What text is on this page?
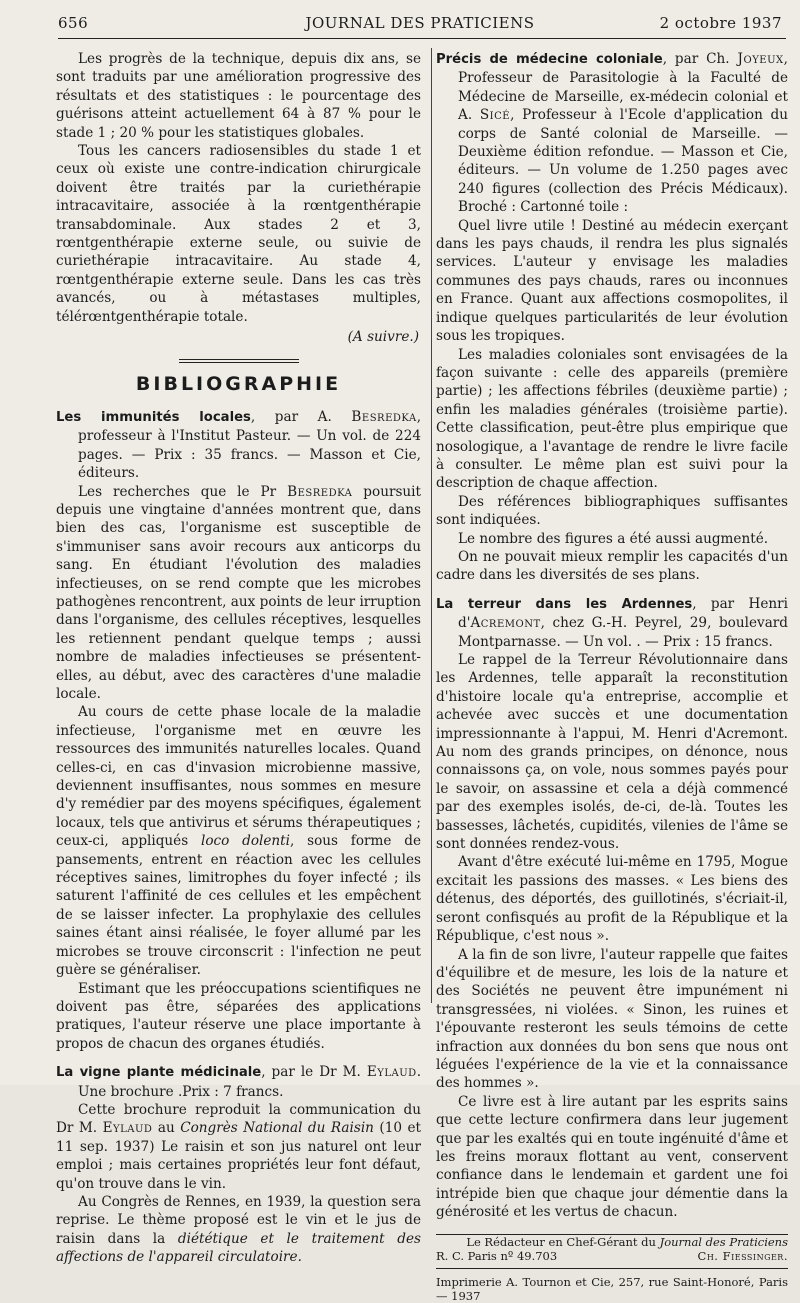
656	JOURNAL DES PRATICIENS	2 octobre 1937

Les progrès de la technique, depuis dix ans, se sont traduits par une amélioration progressive des résultats et des statistiques : le pourcentage des guérisons atteint actuellement 64 à 87 % pour le stade 1 ; 20 % pour les statistiques globales.

Tous les cancers radiosensibles du stade 1 et ceux où existe une contre-indication chirurgicale doivent être traités par la curiethérapie intracavitaire, associée à la rœntgenthérapie transabdominale. Aux stades 2 et 3, rœntgenthérapie externe seule, ou suivie de curiethérapie intracavitaire. Au stade 4, rœntgenthérapie externe seule. Dans les cas très avancés, ou à métastases multiples, télérœntgenthérapie totale.

(A suivre.)

BIBLIOGRAPHIE

Les immunités locales, par A. Besredka, professeur à l'Institut Pasteur. — Un vol. de 224 pages. — Prix : 35 francs. — Masson et Cie, éditeurs.

Les recherches que le Pr Besredka poursuit depuis une vingtaine d'années montrent que, dans bien des cas, l'organisme est susceptible de s'immuniser sans avoir recours aux anticorps du sang. En étudiant l'évolution des maladies infectieuses, on se rend compte que les microbes pathogènes rencontrent, aux points de leur irruption dans l'organisme, des cellules réceptives, lesquelles les retiennent pendant quelque temps ; aussi nombre de maladies infectieuses se présentent-elles, au début, avec des caractères d'une maladie locale.

Au cours de cette phase locale de la maladie infectieuse, l'organisme met en œuvre les ressources des immunités naturelles locales. Quand celles-ci, en cas d'invasion microbienne massive, deviennent insuffisantes, nous sommes en mesure d'y remédier par des moyens spécifiques, également locaux, tels que antivirus et sérums thérapeutiques ; ceux-ci, appliqués loco dolenti, sous forme de pansements, entrent en réaction avec les cellules réceptives saines, limitrophes du foyer infecté ; ils saturent l'affinité de ces cellules et les empêchent de se laisser infecter. La prophylaxie des cellules saines étant ainsi réalisée, le foyer allumé par les microbes se trouve circonscrit : l'infection ne peut guère se généraliser.

Estimant que les préoccupations scientifiques ne doivent pas être, séparées des applications pratiques, l'auteur réserve une place importante à propos de chacun des organes étudiés.

La vigne plante médicinale, par le Dr M. Eylaud. Une brochure .Prix : 7 francs.

Cette brochure reproduit la communication du Dr M. Eylaud au Congrès National du Raisin (10 et 11 sep. 1937) Le raisin et son jus naturel ont leur emploi ; mais certaines propriétés leur font défaut, qu'on trouve dans le vin.

Au Congrès de Rennes, en 1939, la question sera reprise. Le thème proposé est le vin et le jus de raisin dans la diététique et le traitement des affections de l'appareil circulatoire.

Précis de médecine coloniale, par Ch. Joyeux, Professeur de Parasitologie à la Faculté de Médecine de Marseille, ex-médecin colonial et A. Sicé, Professeur à l'Ecole d'application du corps de Santé colonial de Marseille. — Deuxième édition refondue. — Masson et Cie, éditeurs. — Un volume de 1.250 pages avec 240 figures (collection des Précis Médicaux). Broché : Cartonné toile :

Quel livre utile ! Destiné au médecin exerçant dans les pays chauds, il rendra les plus signalés services. L'auteur y envisage les maladies communes des pays chauds, rares ou inconnues en France. Quant aux affections cosmopolites, il indique quelques particularités de leur évolution sous les tropiques.

Les maladies coloniales sont envisagées de la façon suivante : celle des appareils (première partie) ; les affections fébriles (deuxième partie) ; enfin les maladies générales (troisième partie). Cette classification, peut-être plus empirique que nosologique, a l'avantage de rendre le livre facile à consulter. Le même plan est suivi pour la description de chaque affection.

Des références bibliographiques suffisantes sont indiquées.

Le nombre des figures a été aussi augmenté.

On ne pouvait mieux remplir les capacités d'un cadre dans les diversités de ses plans.

La terreur dans les Ardennes, par Henri d'Acremont, chez G.-H. Peyrel, 29, boulevard Montparnasse. — Un vol. . — Prix : 15 francs.

Le rappel de la Terreur Révolutionnaire dans les Ardennes, telle apparaît la reconstitution d'histoire locale qu'a entreprise, accomplie et achevée avec succès et une documentation impressionnante à l'appui, M. Henri d'Acremont. Au nom des grands principes, on dénonce, nous connaissons ça, on vole, nous sommes payés pour le savoir, on assassine et cela a déjà commencé par des exemples isolés, de-ci, de-là. Toutes les bassesses, lâchetés, cupidités, vilenies de l'âme se sont données rendez-vous.

Avant d'être exécuté lui-même en 1795, Mogue excitait les passions des masses. « Les biens des détenus, des déportés, des guillotinés, s'écriait-il, seront confisqués au profit de la République et la République, c'est nous ».

A la fin de son livre, l'auteur rappelle que faites d'équilibre et de mesure, les lois de la nature et des Sociétés ne peuvent être impunément ni transgressées, ni violées. « Sinon, les ruines et l'épouvante resteront les seuls témoins de cette infraction aux données du bon sens que nous ont léguées l'expérience de la vie et la connaissance des hommes ».

Ce livre est à lire autant par les esprits sains que cette lecture confirmera dans leur jugement que par les exaltés qui en toute ingénuité d'âme et les freins moraux flottant au vent, conservent confiance dans le lendemain et gardent une foi intrépide bien que chaque jour démentie dans la générosité et les vertus de chacun.

Le Rédacteur en Chef-Gérant du Journal des Praticiens
R. C. Paris nº 49.703	Ch. Fiessinger.
Imprimerie A. Tournon et Cie, 257, rue Saint-Honoré, Paris — 1937
